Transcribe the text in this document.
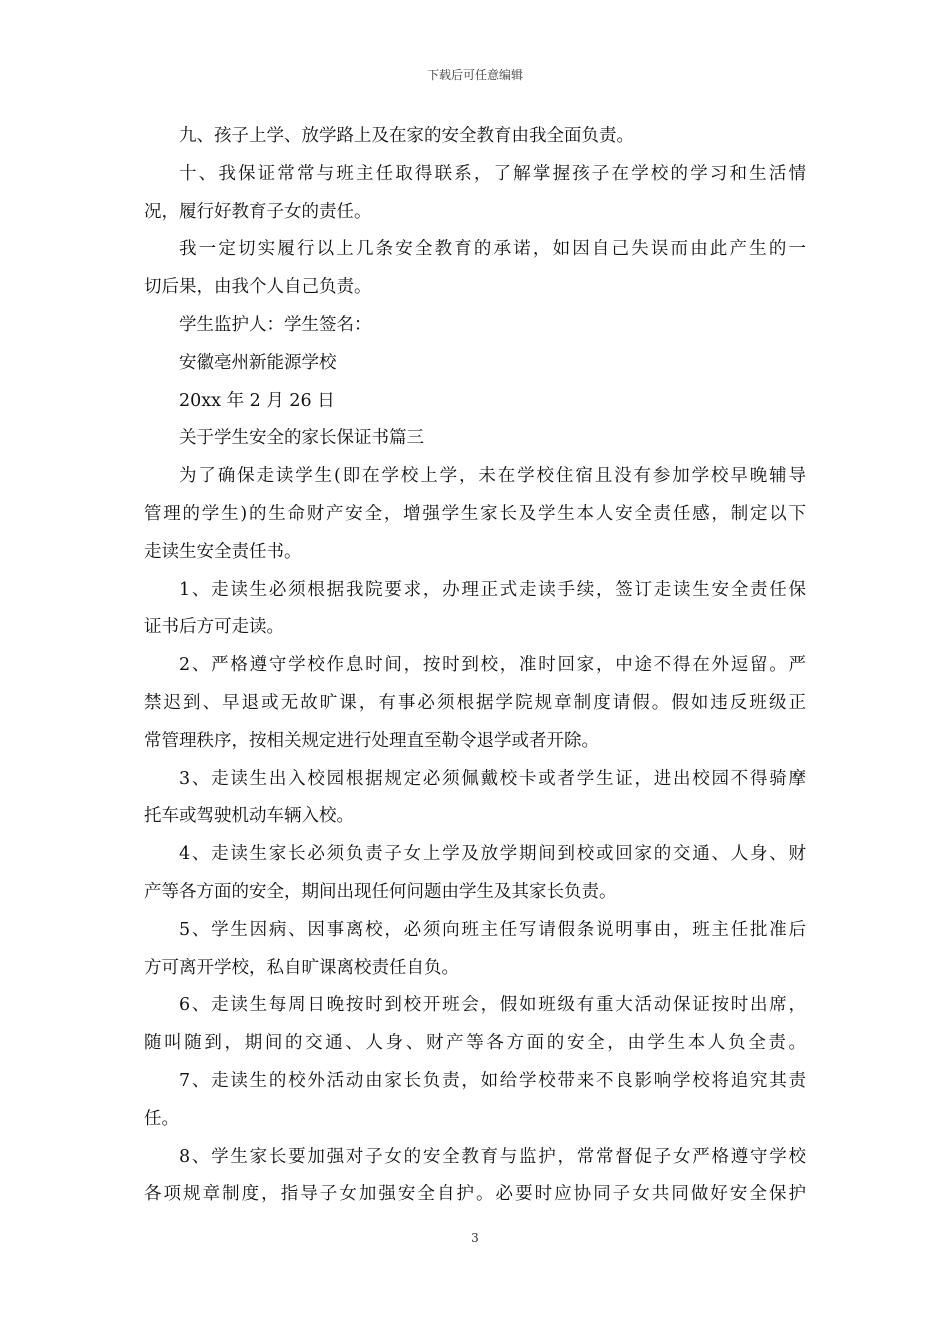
下载后可任意编辑
九、孩子上学、放学路上及在家的安全教育由我全面负责。
十、我保证常常与班主任取得联系，了解掌握孩子在学校的学习和生活情
况，履行好教育子女的责任。
我一定切实履行以上几条安全教育的承诺，如因自己失误而由此产生的一
切后果，由我个人自己负责。
学生监护人：学生签名：
安徽亳州新能源学校
20xx 年 2 月 26 日
关于学生安全的家长保证书篇三
为了确保走读学生(即在学校上学，未在学校住宿且没有参加学校早晚辅导
管理的学生)的生命财产安全，增强学生家长及学生本人安全责任感，制定以下
走读生安全责任书。
1、走读生必须根据我院要求，办理正式走读手续，签订走读生安全责任保
证书后方可走读。
2、严格遵守学校作息时间，按时到校，准时回家，中途不得在外逗留。严
禁迟到、早退或无故旷课，有事必须根据学院规章制度请假。假如违反班级正
常管理秩序，按相关规定进行处理直至勒令退学或者开除。
3、走读生出入校园根据规定必须佩戴校卡或者学生证，进出校园不得骑摩
托车或驾驶机动车辆入校。
4、走读生家长必须负责子女上学及放学期间到校或回家的交通、人身、财
产等各方面的安全，期间出现任何问题由学生及其家长负责。
5、学生因病、因事离校，必须向班主任写请假条说明事由，班主任批准后
方可离开学校，私自旷课离校责任自负。
6、走读生每周日晚按时到校开班会，假如班级有重大活动保证按时出席，
随叫随到，期间的交通、人身、财产等各方面的安全，由学生本人负全责。
7、走读生的校外活动由家长负责，如给学校带来不良影响学校将追究其责
任。
8、学生家长要加强对子女的安全教育与监护，常常督促子女严格遵守学校
各项规章制度，指导子女加强安全自护。必要时应协同子女共同做好安全保护
3
